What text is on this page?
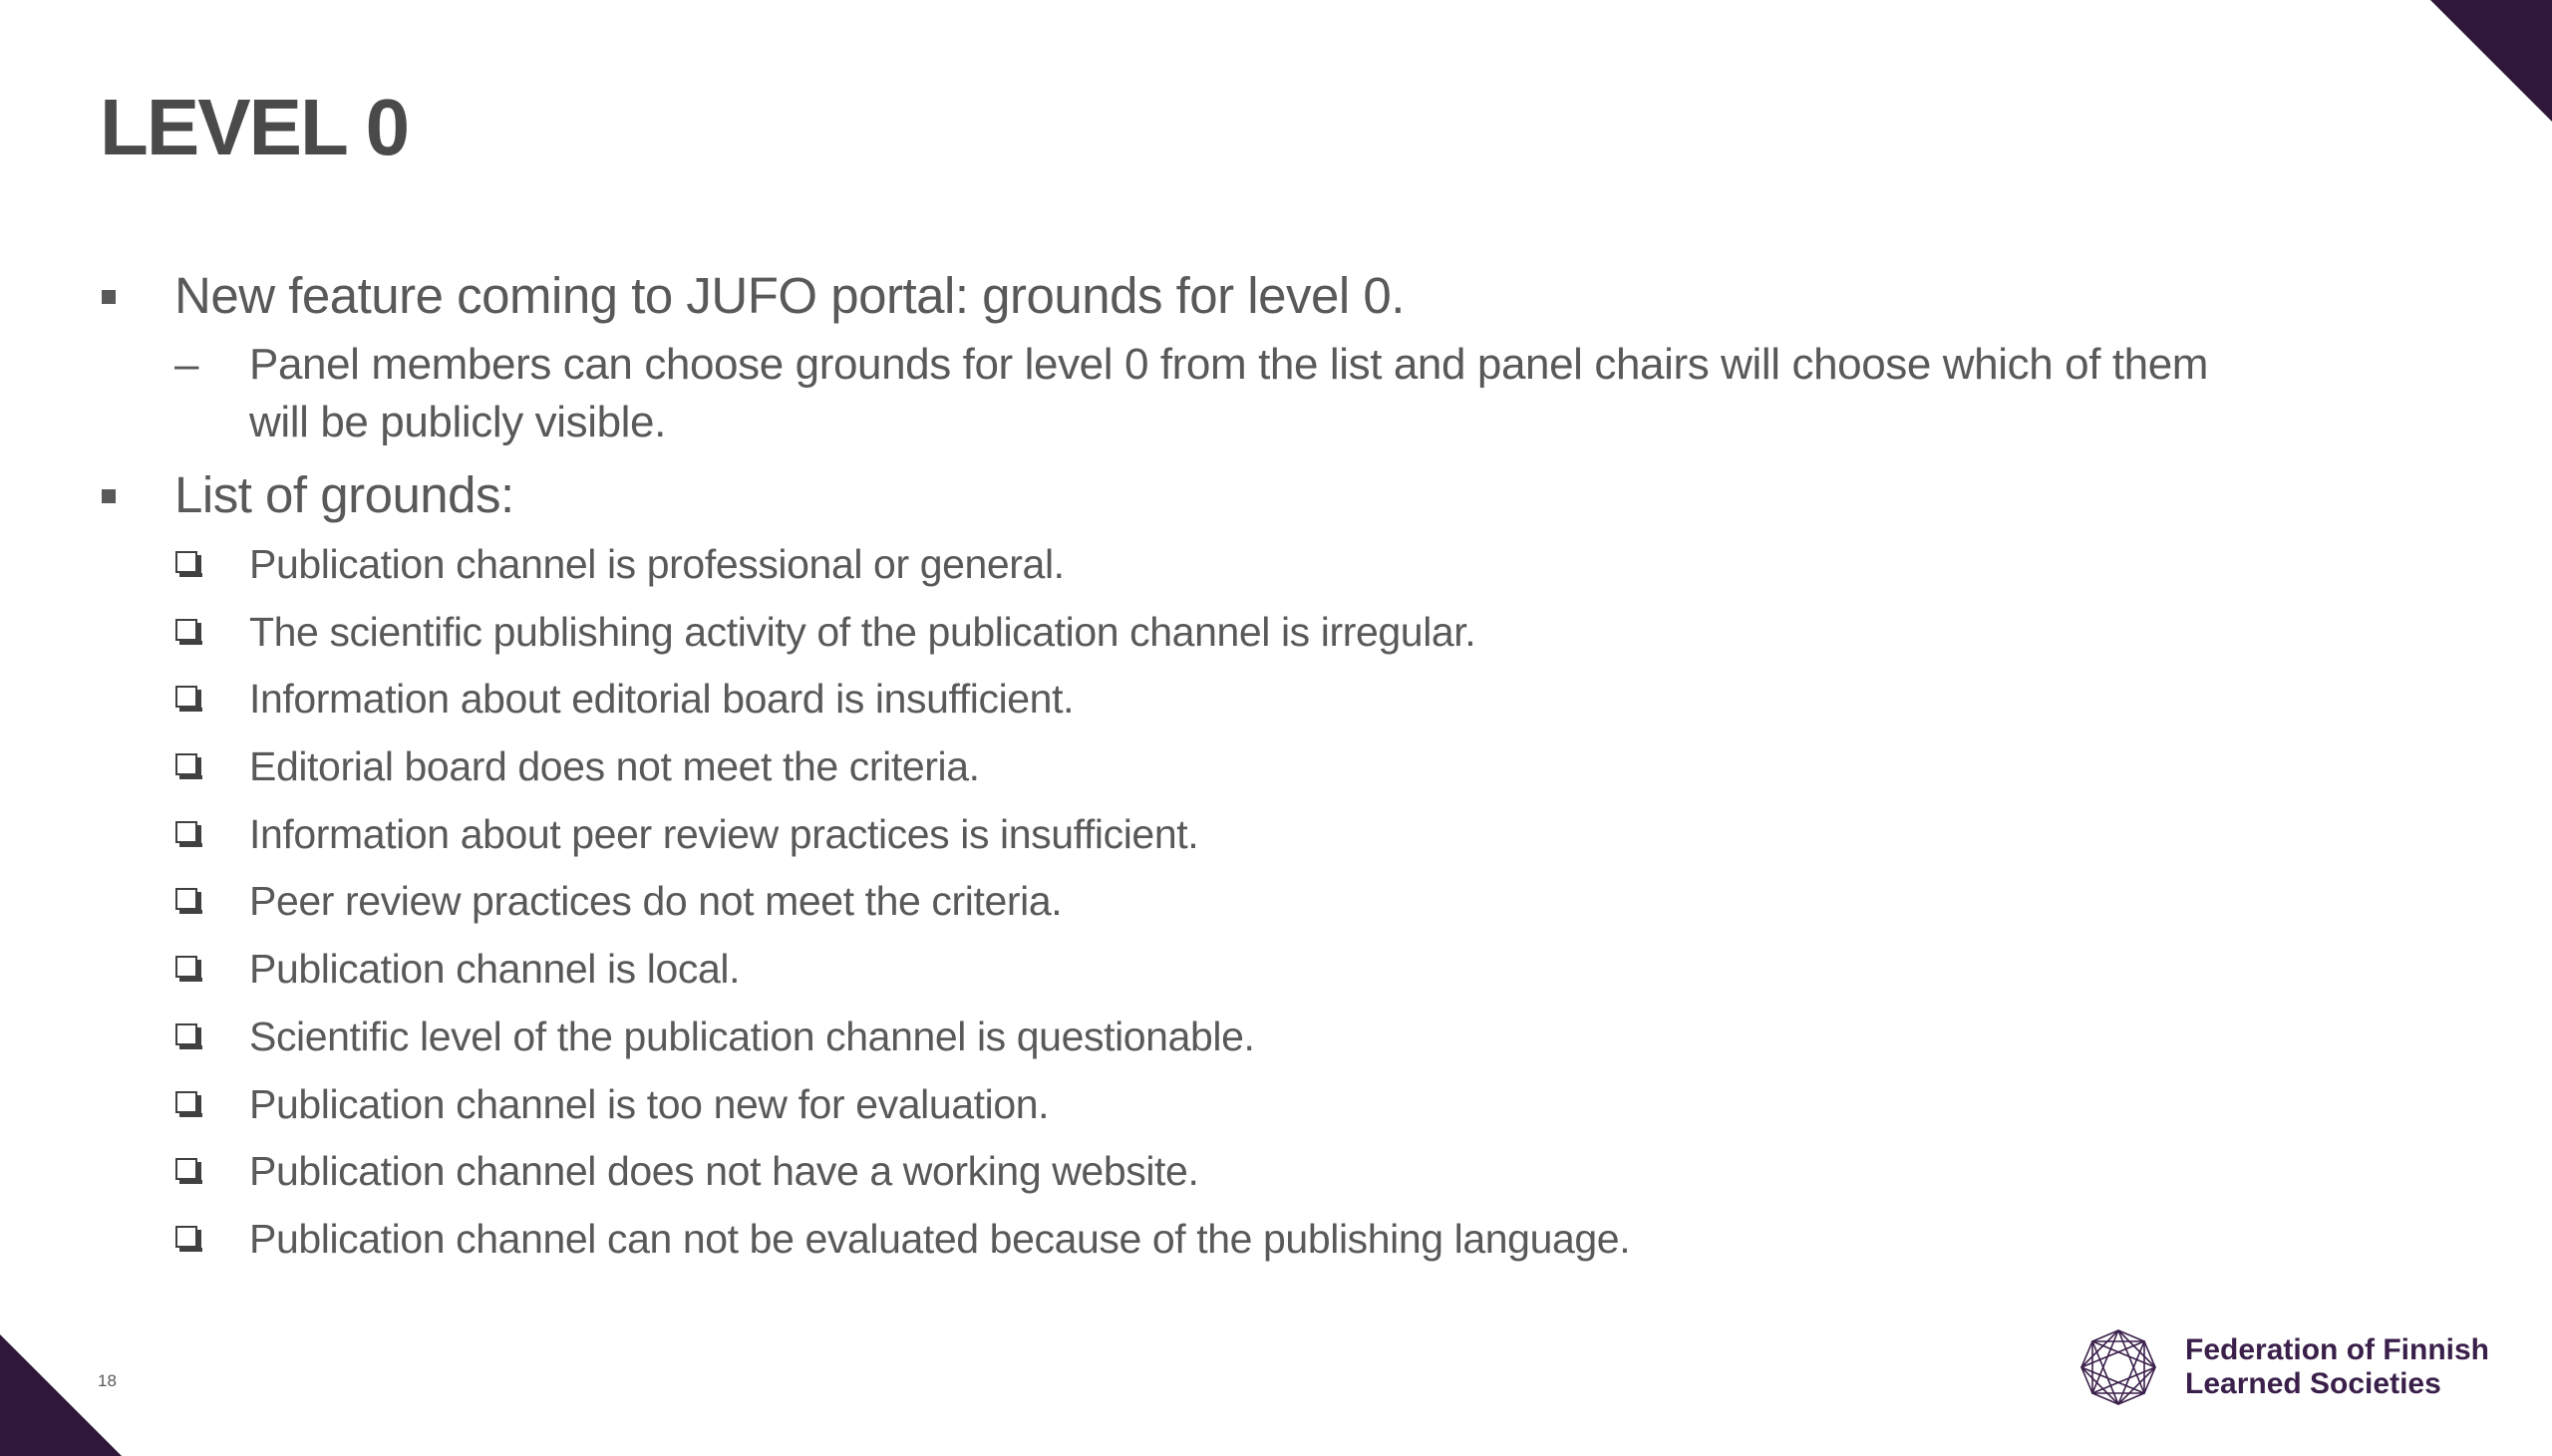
LEVEL 0
New feature coming to JUFO portal: grounds for level 0.
– Panel members can choose grounds for level 0 from the list and panel chairs will choose which of them will be publicly visible.
List of grounds:
Publication channel is professional or general.
The scientific publishing activity of the publication channel is irregular.
Information about editorial board is insufficient.
Editorial board does not meet the criteria.
Information about peer review practices is insufficient.
Peer review practices do not meet the criteria.
Publication channel is local.
Scientific level of the publication channel is questionable.
Publication channel is too new for evaluation.
Publication channel does not have a working website.
Publication channel can not be evaluated because of the publishing language.
18
Federation of Finnish
Learned Societies
